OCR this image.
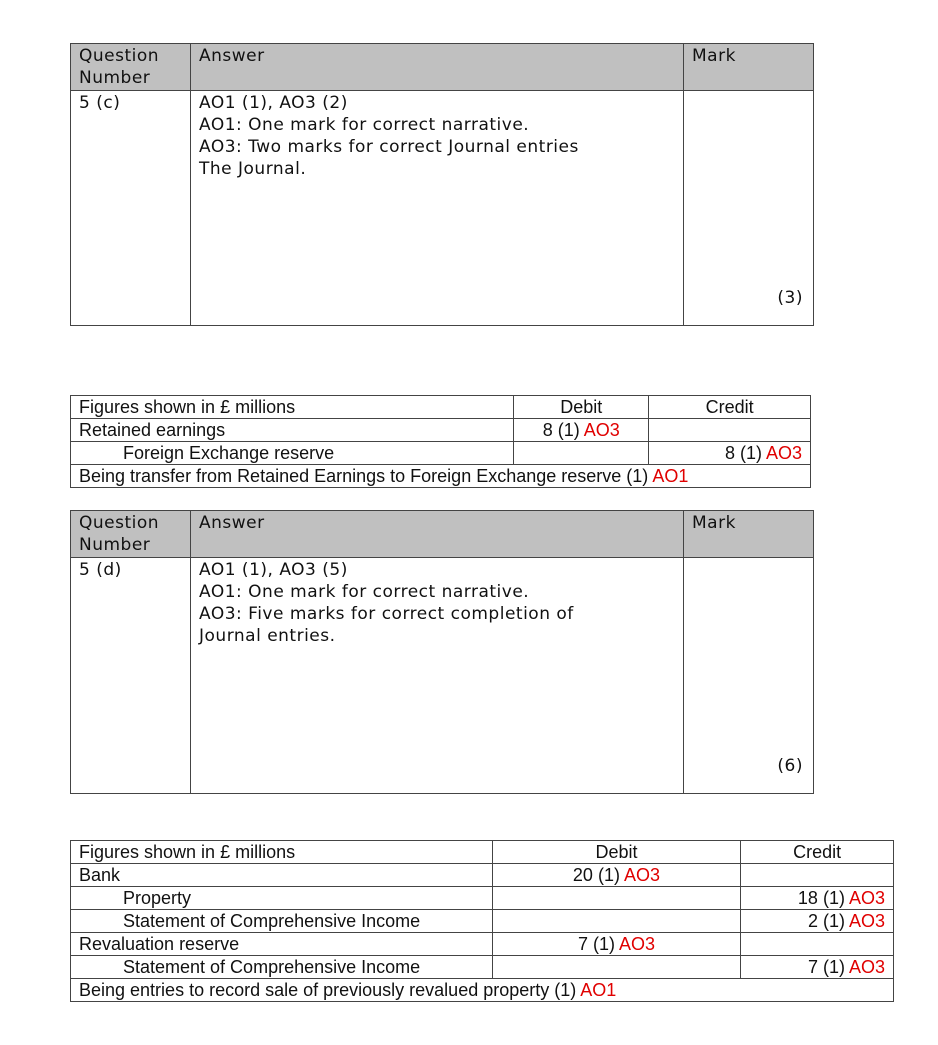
Question Number	Answer	Mark
5 (c)	AO1 (1), AO3 (2)
AO1: One mark for correct narrative.
AO3: Two marks for correct Journal entries
The Journal.	(3)
Figures shown in £ millions	Debit	Credit
Retained earnings	8 (1) AO3	
Foreign Exchange reserve		8 (1) AO3
Being transfer from Retained Earnings to Foreign Exchange reserve (1) AO1		
Question Number	Answer	Mark
5 (d)	AO1 (1), AO3 (5)
AO1: One mark for correct narrative.
AO3: Five marks for correct completion of
Journal entries.	(6)
Figures shown in £ millions	Debit	Credit
Bank	20 (1) AO3	
Property		18 (1) AO3
Statement of Comprehensive Income		2 (1) AO3
Revaluation reserve	7 (1) AO3	
Statement of Comprehensive Income		7 (1) AO3
Being entries to record sale of previously revalued property (1) AO1		
